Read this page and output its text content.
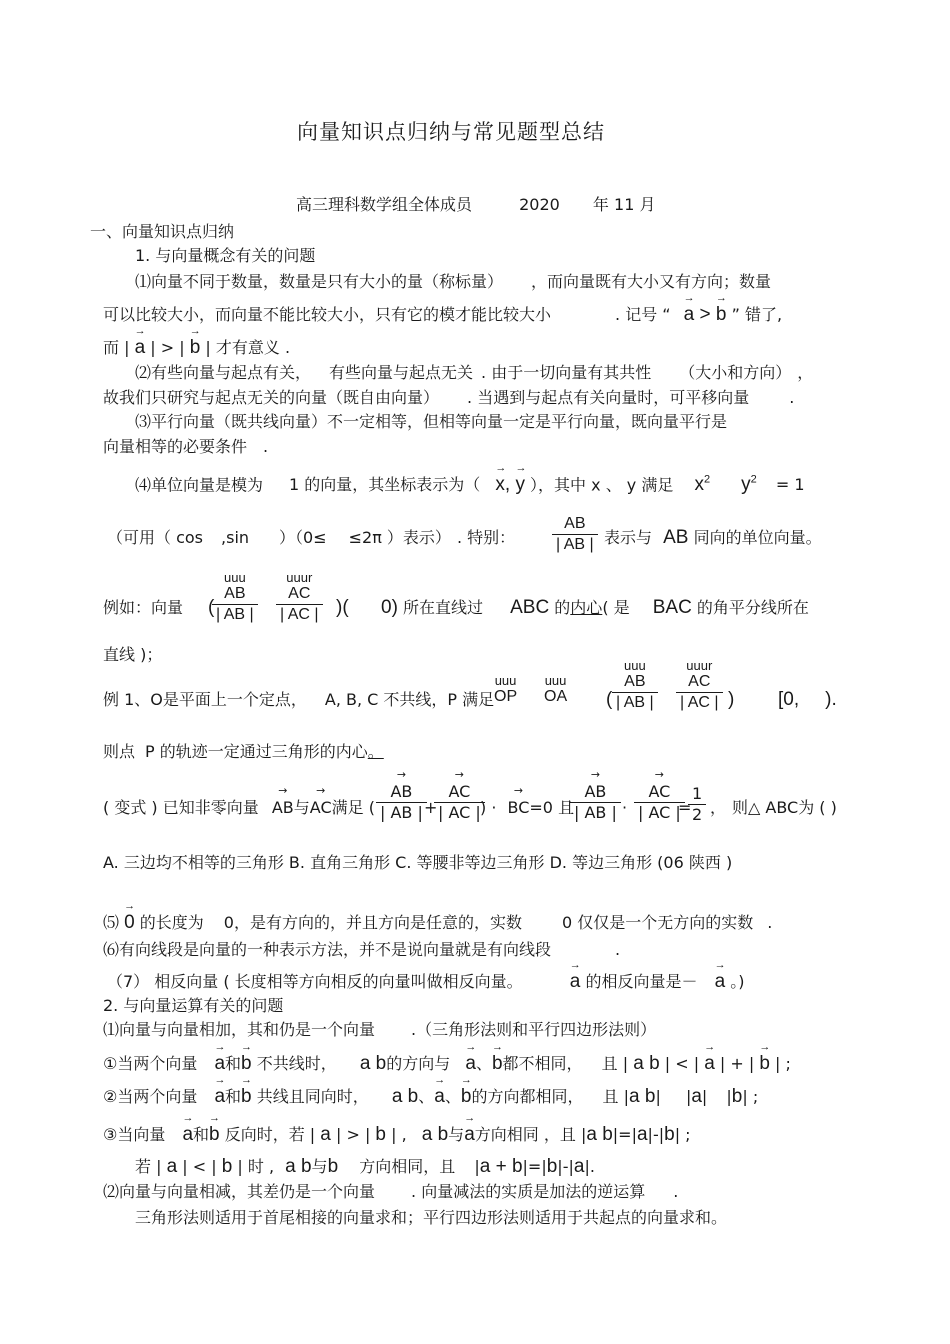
向量知识点归纳与常见题型总结
高三理科数学组全体成员	2020 年 11 月
一、向量知识点归纳
1. 与向量概念有关的问题
⑴向量不同于数量，数量是只有大小的量（称标量） ，而向量既有大小又有方向；数量
可以比较大小，而向量不能比较大小，只有它的模才能比较大小	. 记号 “ → a > → b ” 错了,
而 | → a | > | → b | 才有意义 .
⑵有些向量与起点有关， 有些向量与起点无关 . 由于一切向量有其共性 （大小和方向） ，
故我们只研究与起点无关的向量（既自由向量） . 当遇到与起点有关向量时，可平移向量	.
⑶平行向量（既共线向量）不一定相等，但相等向量一定是平行向量，既向量平行是
向量相等的必要条件 .
⑷单位向量是模为 1 的向量，其坐标表示为（ → x, → y ），其中 x 、 y 满足 $x^2$ $y^2 = 1$
（可用（ cos ,sin ）（0≤ ≤2π ）表示） . 特别： $\frac{AB}{| AB |}$ 表示与 AB 同向的单位向量。
例如：向量 (
uuu
AB
| AB |
uuur
AC
| AC | )( 0) 所在直线过 ABC 的内心( 是 BAC 的角平分线所在
直线 )；
例 1、O是平面上一个定点， A, B, C 不共线，P 满足
uuu
OP
uuu
OA (
uuu
AB
| AB |
uuur
AC
| AC | ) [0, ).
则点 P 的轨迹一定通过三角形的内心。
( 变式 ) 已知非零向量 → AB与→ AC满足 ( → $\frac{AB}{| AB |}$
+
→ $\frac{AC}{| AC |}$
) · → BC=0 且
→ $\frac{AB}{| AB |}$ · → $\frac{AC}{| AC |}$
=
$\frac{1}{2}$ ， 则△ ABC为 ( )
A. 三边均不相等的三角形 B. 直角三角形 C. 等腰非等边三角形 D. 等边三角形 (06 陕西 )
⑸ → 0 的长度为 0，是有方向的，并且方向是任意的，实数	0 仅仅是一个无方向的实数 .
⑹有向线段是向量的一种表示方法，并不是说向量就是有向线段	.
（7） 相反向量 ( 长度相等方向相反的向量叫做相反向量。 → a 的相反向量是－ → a 。)
2. 与向量运算有关的问题
⑴向量与向量相加，其和仍是一个向量 .（三角形法则和平行四边形法则）
①当两个向量 → a和→ b 不共线时， a b的方向与 → a、→ b都不相同， 且 | a b | < | → a | + | → b | ;
②当两个向量 → a和→ b 共线且同向时， a b、→ a、→ b的方向都相同， 且 |a b| |a| |b| ;
③当向量 → a和→ b 反向时，若 | a | > | b | , a b与→ a方向相同 ，且 |a b|=|a|-|b| ;
若 | a | < | b | 时 , a b与b 方向相同，且 |a + b|=|b|-|a|.
⑵向量与向量相减，其差仍是一个向量 . 向量减法的实质是加法的逆运算 .
三角形法则适用于首尾相接的向量求和；平行四边形法则适用于共起点的向量求和。
